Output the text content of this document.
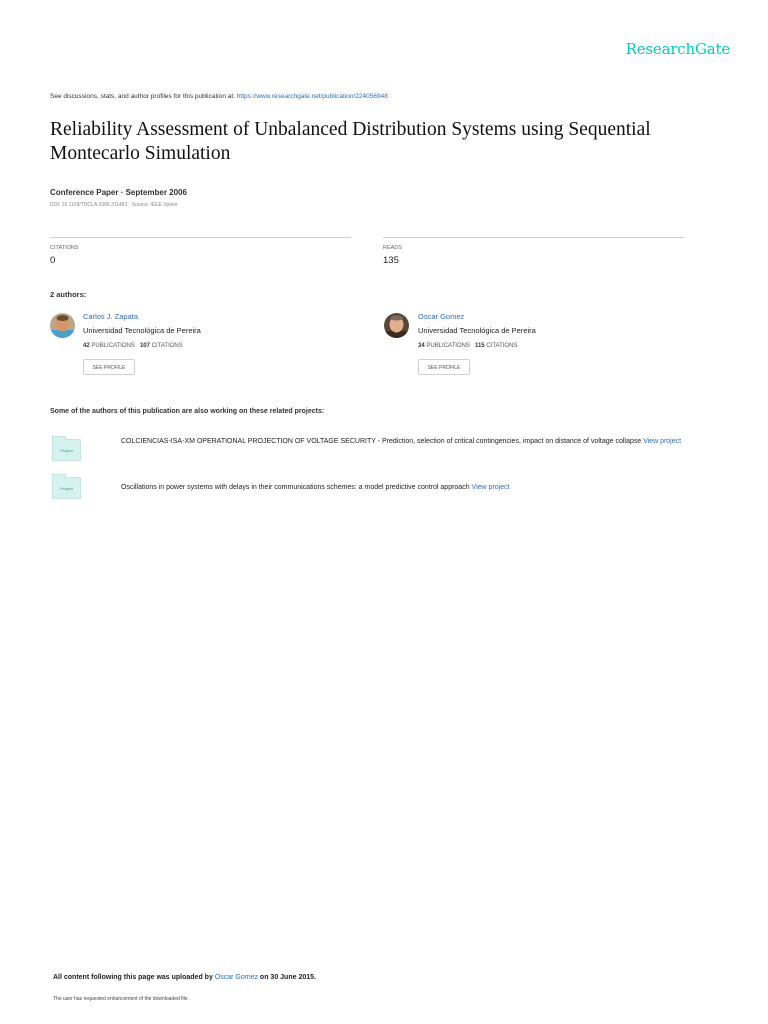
ResearchGate
See discussions, stats, and author profiles for this publication at: https://www.researchgate.net/publication/224056948
Reliability Assessment of Unbalanced Distribution Systems using Sequential Montecarlo Simulation
Conference Paper · September 2006
DOI: 10.1109/TDCLA.2006.311463 · Source: IEEE Xplore
CITATIONS
0
READS
135
2 authors:
Carlos J. Zapata
Universidad Tecnológica de Pereira
42 PUBLICATIONS 107 CITATIONS
SEE PROFILE
Oscar Gomez
Universidad Tecnológica de Pereira
34 PUBLICATIONS 115 CITATIONS
SEE PROFILE
Some of the authors of this publication are also working on these related projects:
Project
COLCIENCIAS-ISA-XM OPERATIONAL PROJECTION OF VOLTAGE SECURITY - Prediction, selection of critical contingencies, impact on distance of voltage collapse View project
Project	Oscillations in power systems with delays in their communications schemes: a model predictive control approach View project
All content following this page was uploaded by Oscar Gomez on 30 June 2015.
The user has requested enhancement of the downloaded file.
